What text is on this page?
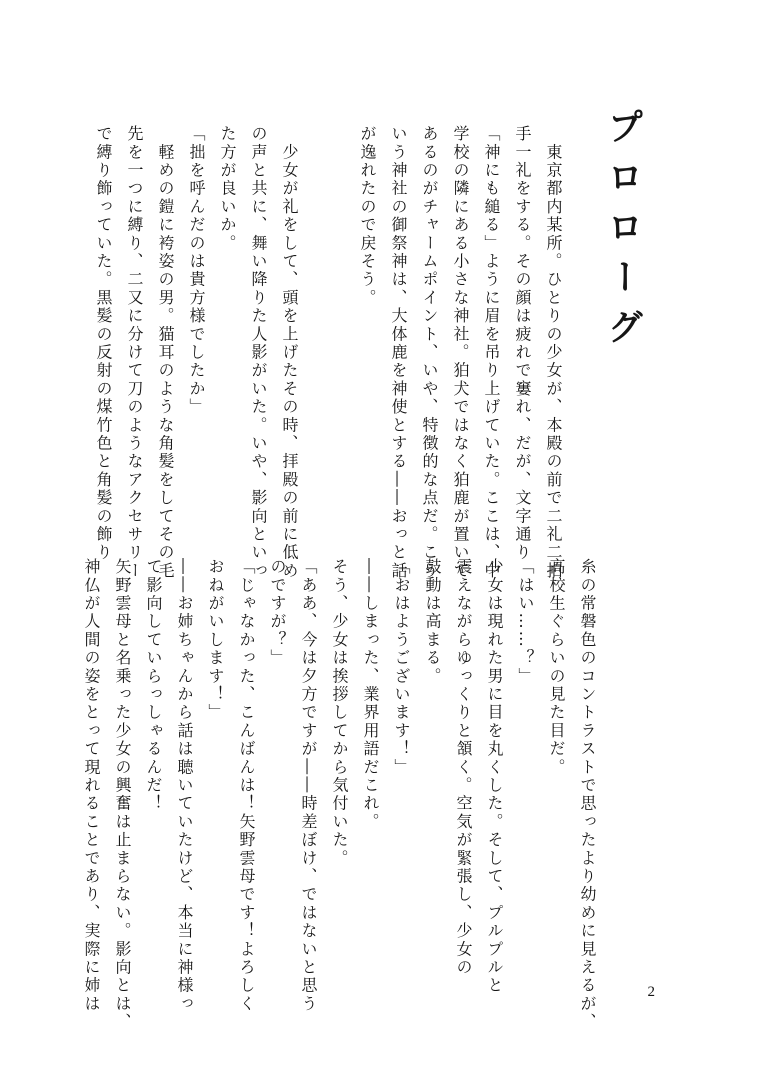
プロローグ

　東京都内某所。ひとりの少女が、本殿の前で二礼二拍

手一礼をする。その顔は疲れで窶れ、だが、文字通り

「神にも縋る」ように眉を吊り上げていた。ここは、中

学校の隣にある小さな神社。狛犬ではなく狛鹿が置いて

あるのがチャームポイント、いや、特徴的な点だ。こう

いう神社の御祭神は、大体鹿を神使とする――おっと話

が逸れたので戻そう。

　少女が礼をして、頭を上げたその時、拝殿の前に低め

の声と共に、舞い降りた人影がいた。いや、影向といっ

た方が良いか。

「拙を呼んだのは貴方様でしたか」

　軽めの鎧に袴姿の男。猫耳のような角髪をしてその毛

先を一つに縛り、二又に分けて刀のようなアクセサリー

で縛り飾っていた。黒髪の反射の煤竹色と角髪の飾り

糸の常磐色のコントラストで思ったより幼めに見えるが、

高校生ぐらいの見た目だ。

「はい……？」

少女は現れた男に目を丸くした。そして、プルプルと

震えながらゆっくりと頷く。空気が緊張し、少女の

鼓動は高まる。

「おはようございます！」

――しまった、業界用語だこれ。

そう、少女は挨拶してから気付いた。

「ああ、今は夕方ですが――時差ぼけ、ではないと思う

のですが？」

「じゃなかった、こんばんは！矢野雲母です！よろしく

おねがいします！」

――お姉ちゃんから話は聴いていたけど、本当に神様っ

て影向していらっしゃるんだ！

矢野雲母と名乗った少女の興奮は止まらない。影向とは、

神仏が人間の姿をとって現れることであり、実際に姉は	2
